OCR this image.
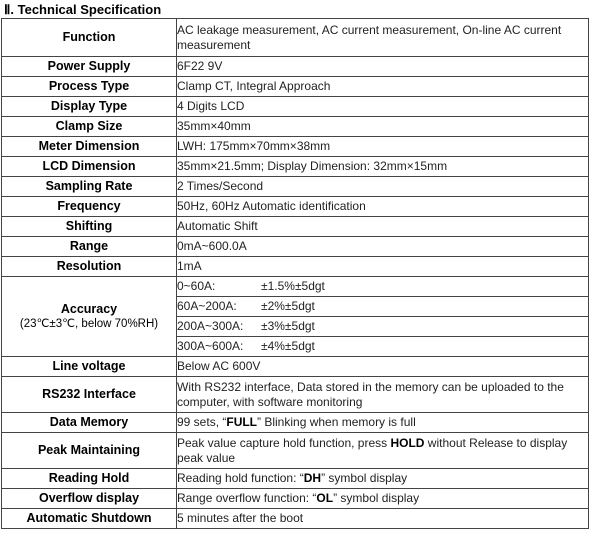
Ⅱ. Technical Specification
Function	AC leakage measurement, AC current measurement, On-line AC current measurement
Power Supply	6F22 9V
Process Type	Clamp CT, Integral Approach
Display Type	4 Digits LCD
Clamp Size	35mm×40mm
Meter Dimension	LWH: 175mm×70mm×38mm
LCD Dimension	35mm×21.5mm; Display Dimension: 32mm×15mm
Sampling Rate	2 Times/Second
Frequency	50Hz, 60Hz Automatic identification
Shifting	Automatic Shift
Range	0mA~600.0A
Resolution	1mA
Accuracy
(23℃±3℃, below 70%RH)	0~60A: ±1.5%±5dgt
	60A~200A: ±2%±5dgt
	200A~300A: ±3%±5dgt
	300A~600A: ±4%±5dgt
Line voltage	Below AC 600V
RS232 Interface	With RS232 interface, Data stored in the memory can be uploaded to the computer, with software monitoring
Data Memory	99 sets, “FULL” Blinking when memory is full
Peak Maintaining	Peak value capture hold function, press HOLD without Release to display peak value
Reading Hold	Reading hold function: “DH” symbol display
Overflow display	Range overflow function: “OL” symbol display
Automatic Shutdown	5 minutes after the boot
